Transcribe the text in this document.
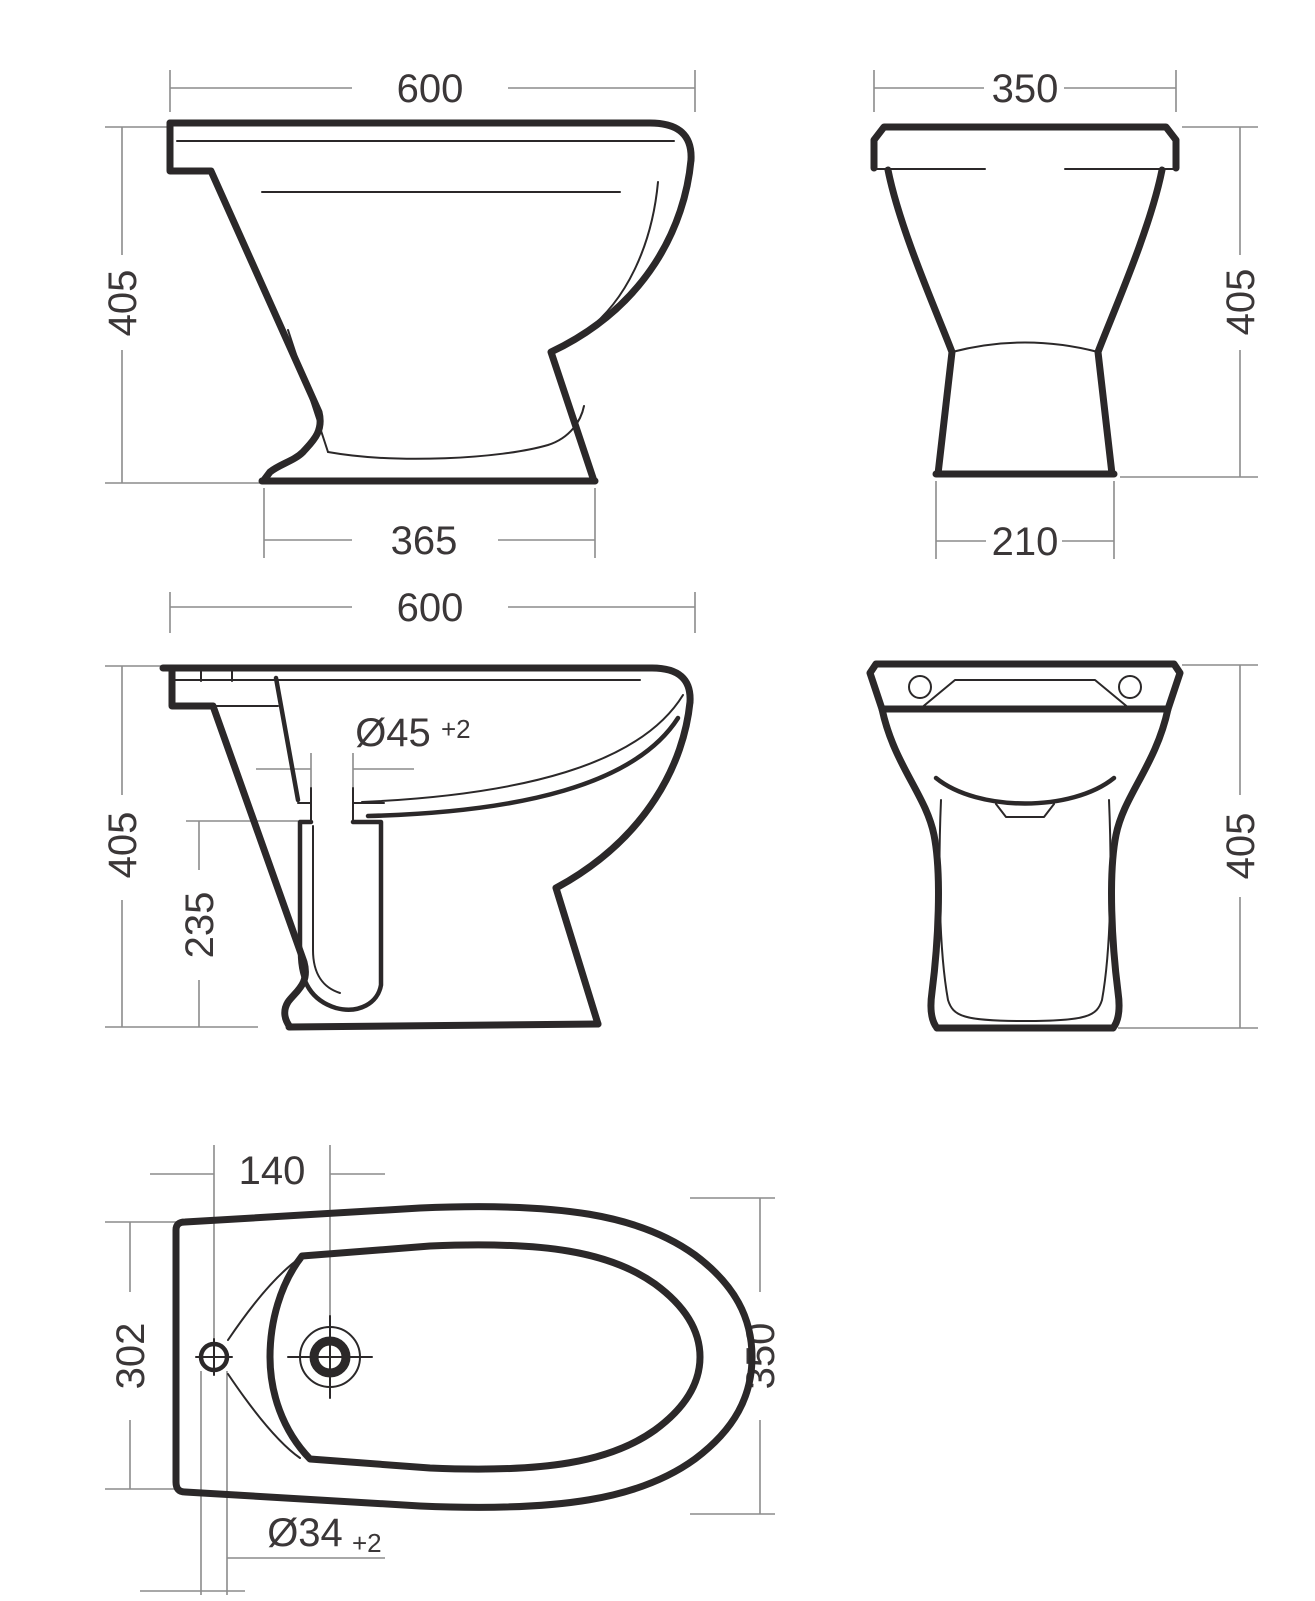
600
405
365
350
405
210
600
405
235
Ø45 +2
405
140
302	350
Ø34 +2
